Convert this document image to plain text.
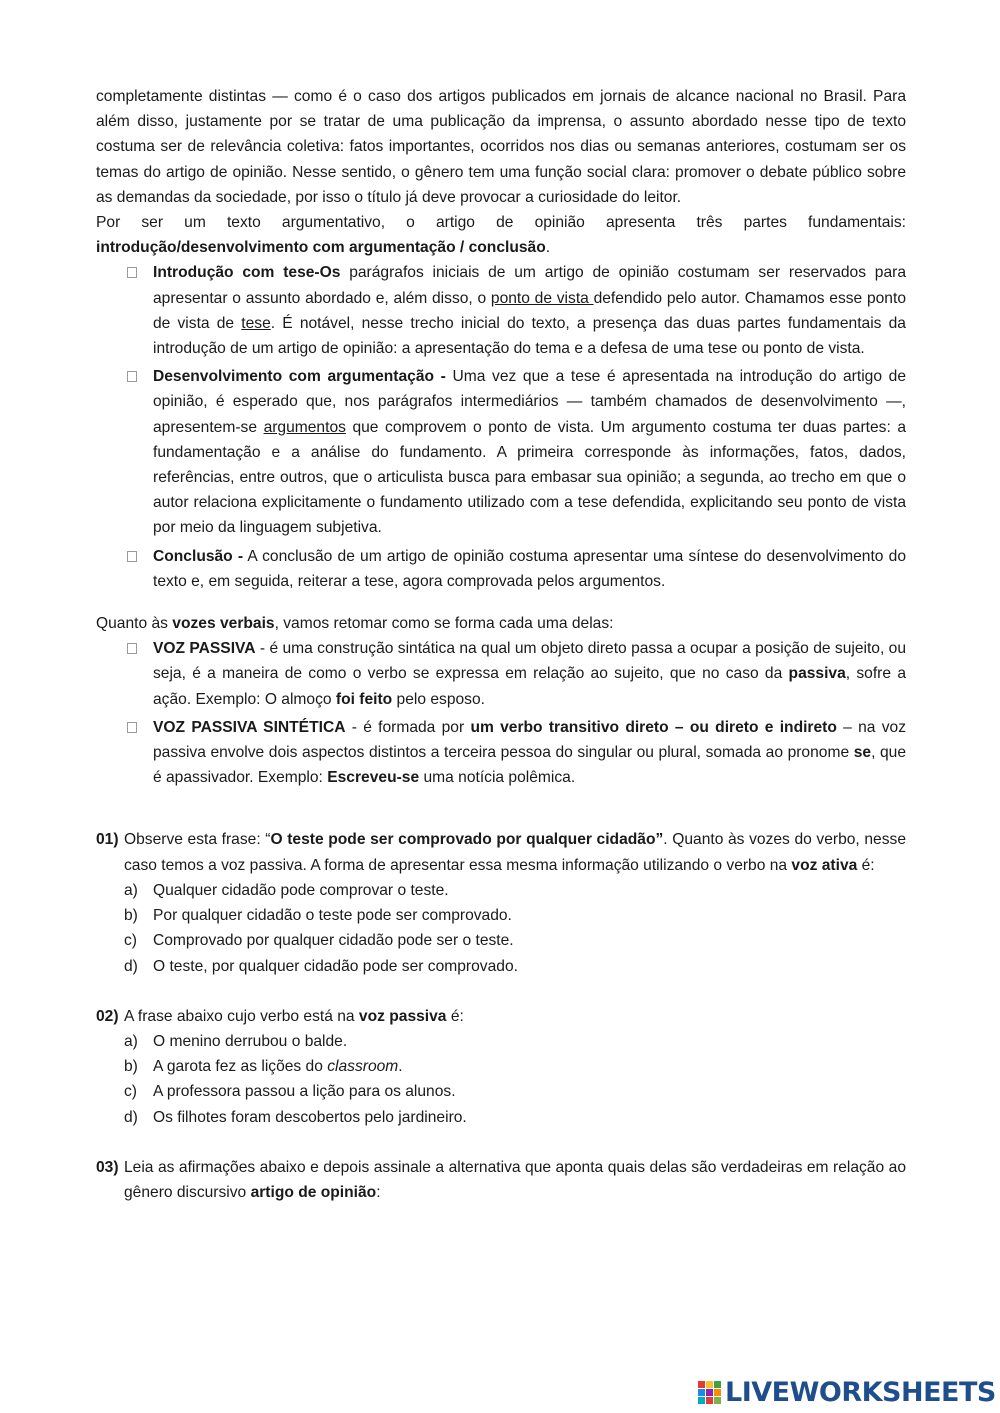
completamente distintas — como é o caso dos artigos publicados em jornais de alcance nacional no Brasil. Para além disso, justamente por se tratar de uma publicação da imprensa, o assunto abordado nesse tipo de texto costuma ser de relevância coletiva: fatos importantes, ocorridos nos dias ou semanas anteriores, costumam ser os temas do artigo de opinião. Nesse sentido, o gênero tem uma função social clara: promover o debate público sobre as demandas da sociedade, por isso o título já deve provocar a curiosidade do leitor.

Por ser um texto argumentativo, o artigo de opinião apresenta três partes fundamentais: introdução/desenvolvimento com argumentação / conclusão.

Introdução com tese-Os parágrafos iniciais de um artigo de opinião costumam ser reservados para apresentar o assunto abordado e, além disso, o ponto de vista defendido pelo autor. Chamamos esse ponto de vista de tese. É notável, nesse trecho inicial do texto, a presença das duas partes fundamentais da introdução de um artigo de opinião: a apresentação do tema e a defesa de uma tese ou ponto de vista.
Desenvolvimento com argumentação - Uma vez que a tese é apresentada na introdução do artigo de opinião, é esperado que, nos parágrafos intermediários — também chamados de desenvolvimento —, apresentem-se argumentos que comprovem o ponto de vista. Um argumento costuma ter duas partes: a fundamentação e a análise do fundamento. A primeira corresponde às informações, fatos, dados, referências, entre outros, que o articulista busca para embasar sua opinião; a segunda, ao trecho em que o autor relaciona explicitamente o fundamento utilizado com a tese defendida, explicitando seu ponto de vista por meio da linguagem subjetiva.
Conclusão - A conclusão de um artigo de opinião costuma apresentar uma síntese do desenvolvimento do texto e, em seguida, reiterar a tese, agora comprovada pelos argumentos.

Quanto às vozes verbais, vamos retomar como se forma cada uma delas:

VOZ PASSIVA - é uma construção sintática na qual um objeto direto passa a ocupar a posição de sujeito, ou seja, é a maneira de como o verbo se expressa em relação ao sujeito, que no caso da passiva, sofre a ação. Exemplo: O almoço foi feito pelo esposo.
VOZ PASSIVA SINTÉTICA - é formada por um verbo transitivo direto – ou direto e indireto – na voz passiva envolve dois aspectos distintos a terceira pessoa do singular ou plural, somada ao pronome se, que é apassivador. Exemplo: Escreveu-se uma notícia polêmica.
01) Observe esta frase: “O teste pode ser comprovado por qualquer cidadão”. Quanto às vozes do verbo, nesse caso temos a voz passiva. A forma de apresentar essa mesma informação utilizando o verbo na voz ativa é:
a) Qualquer cidadão pode comprovar o teste.
b) Por qualquer cidadão o teste pode ser comprovado.
c) Comprovado por qualquer cidadão pode ser o teste.
d) O teste, por qualquer cidadão pode ser comprovado.
02) A frase abaixo cujo verbo está na voz passiva é:
a) O menino derrubou o balde.
b) A garota fez as lições do classroom.
c) A professora passou a lição para os alunos.
d) Os filhotes foram descobertos pelo jardineiro.
03) Leia as afirmações abaixo e depois assinale a alternativa que aponta quais delas são verdadeiras em relação ao gênero discursivo artigo de opinião:
LIVEWORKSHEETS
